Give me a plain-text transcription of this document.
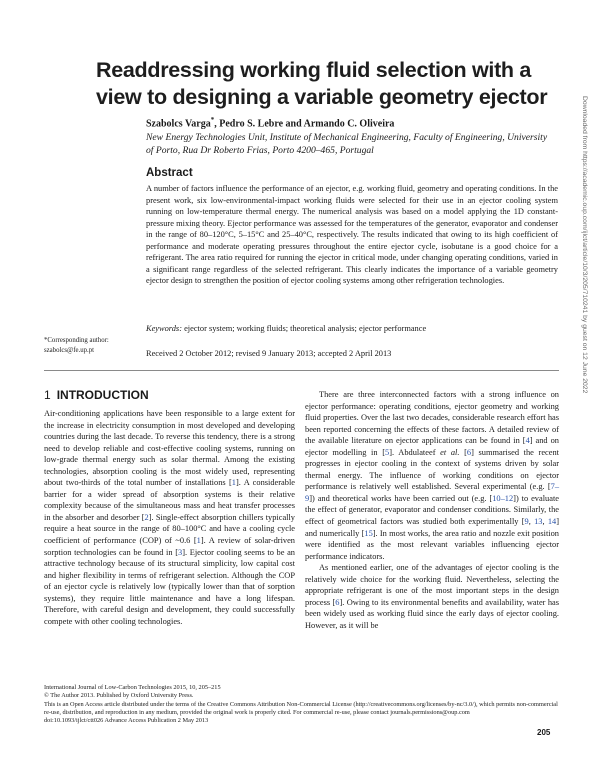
Readdressing working fluid selection with a view to designing a variable geometry ejector
Szabolcs Varga*, Pedro S. Lebre and Armando C. Oliveira
New Energy Technologies Unit, Institute of Mechanical Engineering, Faculty of Engineering, University of Porto, Rua Dr Roberto Frias, Porto 4200–465, Portugal
Abstract
A number of factors influence the performance of an ejector, e.g. working fluid, geometry and operating conditions. In the present work, six low-environmental-impact working fluids were selected for their use in an ejector cooling system running on low-temperature thermal energy. The numerical analysis was based on a model applying the 1D constant-pressure mixing theory. Ejector performance was assessed for the temperatures of the generator, evaporator and condenser in the range of 80–120°C, 5–15°C and 25–40°C, respectively. The results indicated that owing to its high coefficient of performance and moderate operating pressures throughout the entire ejector cycle, isobutane is a good choice for a refrigerant. The area ratio required for running the ejector in critical mode, under changing operating conditions, varied in a significant range regardless of the selected refrigerant. This clearly indicates the importance of a variable geometry ejector design to strengthen the position of ejector cooling systems among other refrigeration technologies.
Keywords: ejector system; working fluids; theoretical analysis; ejector performance
*Corresponding author:
szabolcs@fe.up.pt	Received 2 October 2012; revised 9 January 2013; accepted 2 April 2013
1 INTRODUCTION

Air-conditioning applications have been responsible to a large extent for the increase in electricity consumption in most developed and developing countries during the last decade. To reverse this tendency, there is a strong need to develop reliable and cost-effective cooling systems, running on low-grade thermal energy such as solar thermal. Among the existing technologies, absorption cooling is the most widely used, representing about two-thirds of the total number of installations [1]. A considerable barrier for a wider spread of absorption systems is their relative complexity because of the simultaneous mass and heat transfer processes in the absorber and desorber [2]. Single-effect absorption chillers typically require a heat source in the range of 80–100°C and have a cooling cycle coefficient of performance (COP) of ~0.6 [1]. A review of solar-driven sorption technologies can be found in [3]. Ejector cooling seems to be an attractive technology because of its structural simplicity, low capital cost and higher flexibility in terms of refrigerant selection. Although the COP of an ejector cycle is relatively low (typically lower than that of sorption systems), they require little maintenance and have a long lifespan. Therefore, with careful design and development, they could successfully compete with other cooling technologies.

There are three interconnected factors with a strong influence on ejector performance: operating conditions, ejector geometry and working fluid properties. Over the last two decades, considerable research effort has been reported concerning the effects of these factors. A detailed review of the available literature on ejector applications can be found in [4] and on ejector modelling in [5]. Abdulateef et al. [6] summarised the recent progresses in ejector cooling in the context of systems driven by solar thermal energy. The influence of working conditions on ejector performance is relatively well established. Several experimental (e.g. [7–9]) and theoretical works have been carried out (e.g. [10–12]) to evaluate the effect of generator, evaporator and condenser conditions. Similarly, the effect of geometrical factors was studied both experimentally [9, 13, 14] and numerically [15]. In most works, the area ratio and nozzle exit position were identified as the most relevant variables influencing ejector performance indicators.

As mentioned earlier, one of the advantages of ejector cooling is the relatively wide choice for the working fluid. Nevertheless, selecting the appropriate refrigerant is one of the most important steps in the design process [6]. Owing to its environmental benefits and availability, water has been widely used as working fluid since the early days of ejector cooling. However, as it will be

International Journal of Low-Carbon Technologies 2015, 10, 205–215
© The Author 2013. Published by Oxford University Press.
This is an Open Access article distributed under the terms of the Creative Commons Attribution Non-Commercial License (http://creativecommons.org/licenses/by-nc/3.0/), which permits non-commercial re-use, distribution, and reproduction in any medium, provided the original work is properly cited. For commercial re-use, please contact journals.permissions@oup.com
doi:10.1093/ijlct/ctt026 Advance Access Publication 2 May 2013
205
Downloaded from https://academic.oup.com/ijlct/article/10/3/205/710241 by guest on 12 June 2022
